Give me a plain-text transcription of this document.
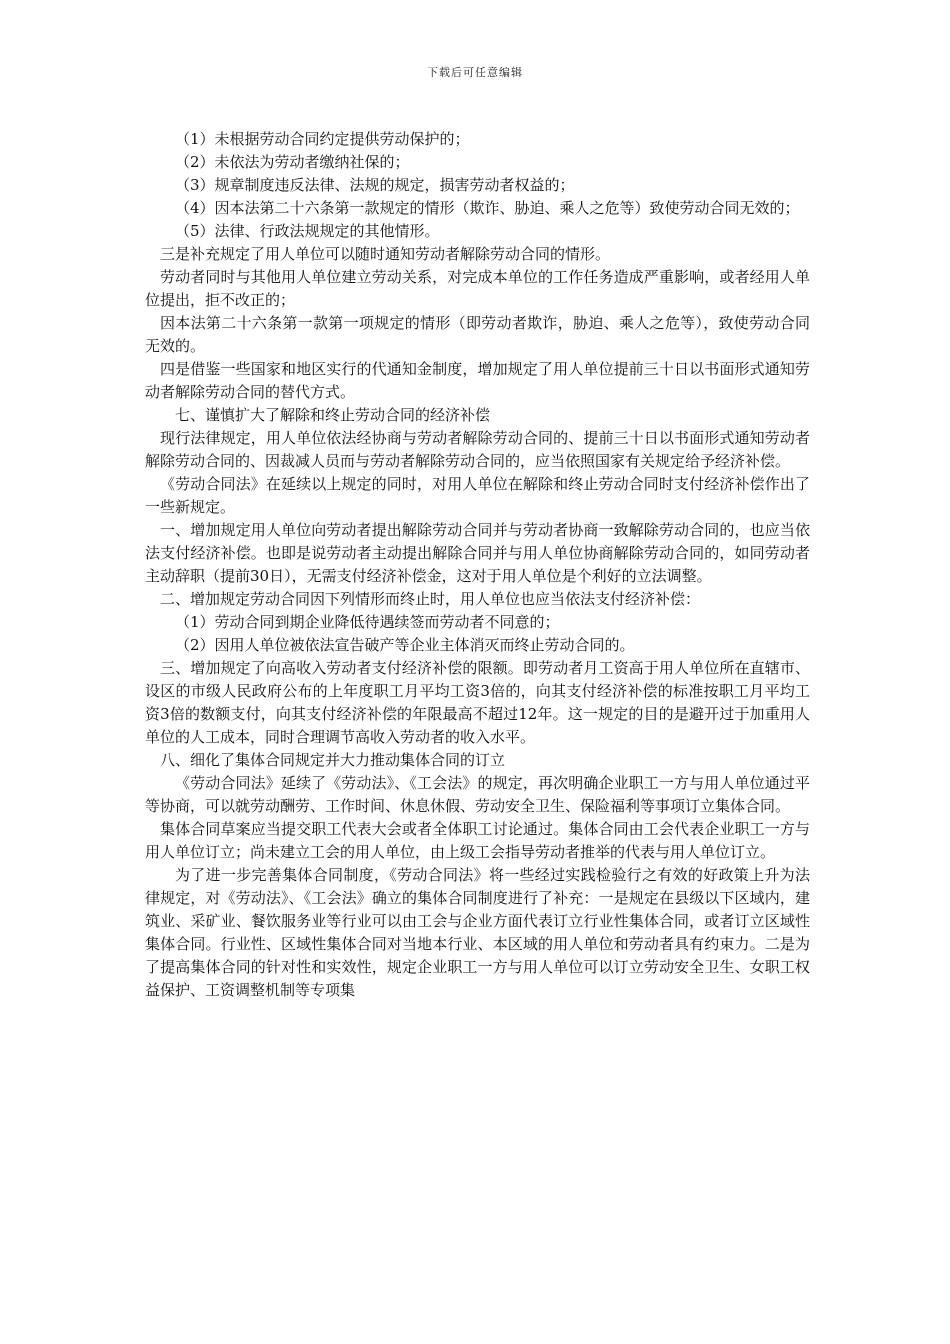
下载后可任意编辑

（1）未根据劳动合同约定提供劳动保护的；

（2）未依法为劳动者缴纳社保的；

（3）规章制度违反法律、法规的规定，损害劳动者权益的；

（4）因本法第二十六条第一款规定的情形（欺诈、胁迫、乘人之危等）致使劳动合同无效的；

（5）法律、行政法规规定的其他情形。

三是补充规定了用人单位可以随时通知劳动者解除劳动合同的情形。

劳动者同时与其他用人单位建立劳动关系，对完成本单位的工作任务造成严重影响，或者经用人单位提出，拒不改正的；

因本法第二十六条第一款第一项规定的情形（即劳动者欺诈，胁迫、乘人之危等），致使劳动合同无效的。

四是借鉴一些国家和地区实行的代通知金制度，增加规定了用人单位提前三十日以书面形式通知劳动者解除劳动合同的替代方式。

七、谨慎扩大了解除和终止劳动合同的经济补偿

现行法律规定，用人单位依法经协商与劳动者解除劳动合同的、提前三十日以书面形式通知劳动者解除劳动合同的、因裁减人员而与劳动者解除劳动合同的，应当依照国家有关规定给予经济补偿。

《劳动合同法》在延续以上规定的同时，对用人单位在解除和终止劳动合同时支付经济补偿作出了一些新规定。

一、增加规定用人单位向劳动者提出解除劳动合同并与劳动者协商一致解除劳动合同的，也应当依法支付经济补偿。也即是说劳动者主动提出解除合同并与用人单位协商解除劳动合同的，如同劳动者主动辞职（提前30日），无需支付经济补偿金，这对于用人单位是个利好的立法调整。

二、增加规定劳动合同因下列情形而终止时，用人单位也应当依法支付经济补偿：

（1）劳动合同到期企业降低待遇续签而劳动者不同意的；

（2）因用人单位被依法宣告破产等企业主体消灭而终止劳动合同的。

三、增加规定了向高收入劳动者支付经济补偿的限额。即劳动者月工资高于用人单位所在直辖市、设区的市级人民政府公布的上年度职工月平均工资3倍的，向其支付经济补偿的标准按职工月平均工资3倍的数额支付，向其支付经济补偿的年限最高不超过12年。这一规定的目的是避开过于加重用人单位的人工成本，同时合理调节高收入劳动者的收入水平。

八、细化了集体合同规定并大力推动集体合同的订立

《劳动合同法》延续了《劳动法》、《工会法》的规定，再次明确企业职工一方与用人单位通过平等协商，可以就劳动酬劳、工作时间、休息休假、劳动安全卫生、保险福利等事项订立集体合同。

集体合同草案应当提交职工代表大会或者全体职工讨论通过。集体合同由工会代表企业职工一方与用人单位订立；尚未建立工会的用人单位，由上级工会指导劳动者推举的代表与用人单位订立。

为了进一步完善集体合同制度，《劳动合同法》将一些经过实践检验行之有效的好政策上升为法律规定，对《劳动法》、《工会法》确立的集体合同制度进行了补充：一是规定在县级以下区域内，建筑业、采矿业、餐饮服务业等行业可以由工会与企业方面代表订立行业性集体合同，或者订立区域性集体合同。行业性、区域性集体合同对当地本行业、本区域的用人单位和劳动者具有约束力。二是为了提高集体合同的针对性和实效性，规定企业职工一方与用人单位可以订立劳动安全卫生、女职工权益保护、工资调整机制等专项集
